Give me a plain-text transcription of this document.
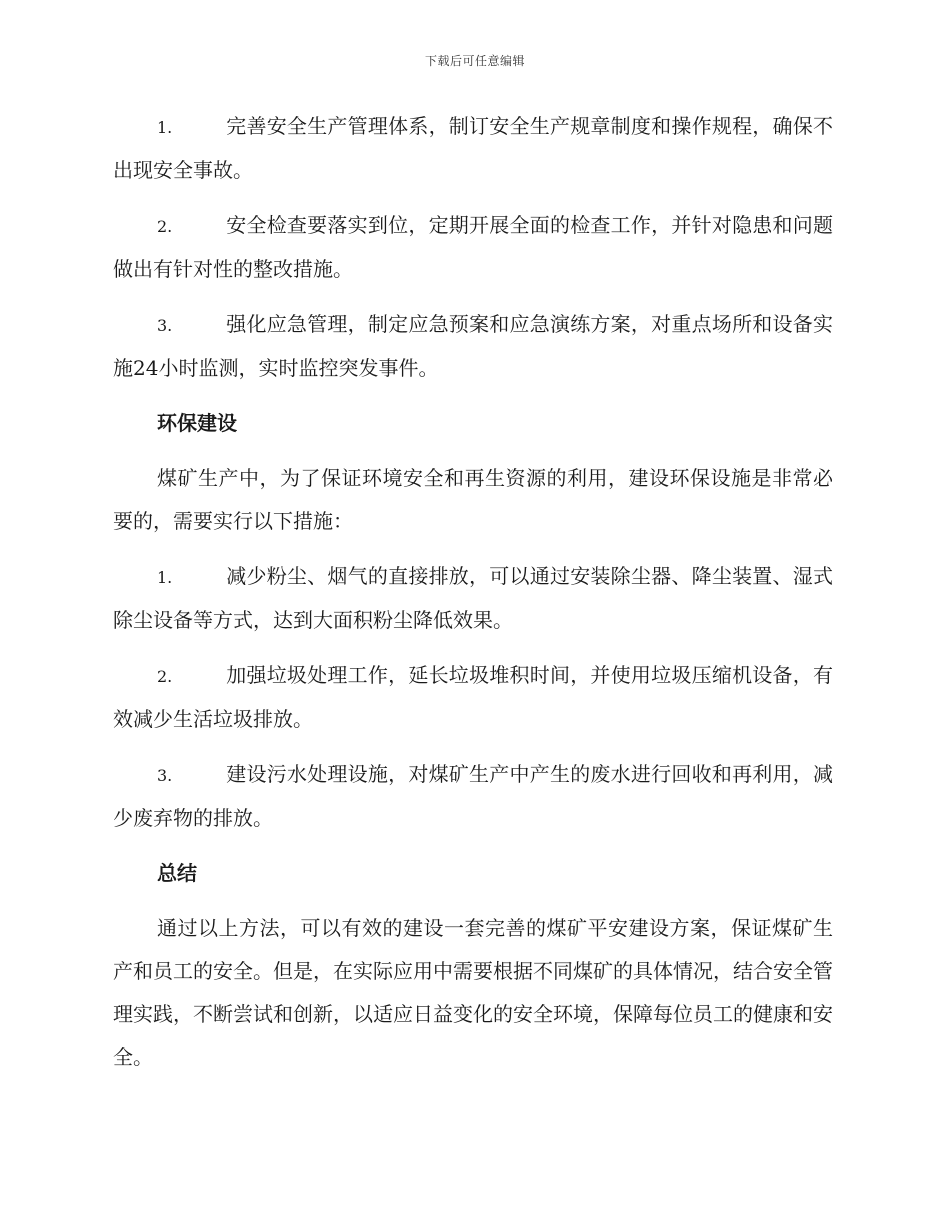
下载后可任意编辑

1.	完善安全生产管理体系，制订安全生产规章制度和操作规程，确保不出现安全事故。

2.	安全检查要落实到位，定期开展全面的检查工作，并针对隐患和问题做出有针对性的整改措施。

3.	强化应急管理，制定应急预案和应急演练方案，对重点场所和设备实施24小时监测，实时监控突发事件。

环保建设

煤矿生产中，为了保证环境安全和再生资源的利用，建设环保设施是非常必要的，需要实行以下措施：

1.	减少粉尘、烟气的直接排放，可以通过安装除尘器、降尘装置、湿式除尘设备等方式，达到大面积粉尘降低效果。

2.	加强垃圾处理工作，延长垃圾堆积时间，并使用垃圾压缩机设备，有效减少生活垃圾排放。

3.	建设污水处理设施，对煤矿生产中产生的废水进行回收和再利用，减少废弃物的排放。

总结

通过以上方法，可以有效的建设一套完善的煤矿平安建设方案，保证煤矿生产和员工的安全。但是，在实际应用中需要根据不同煤矿的具体情况，结合安全管理实践，不断尝试和创新，以适应日益变化的安全环境，保障每位员工的健康和安全。
